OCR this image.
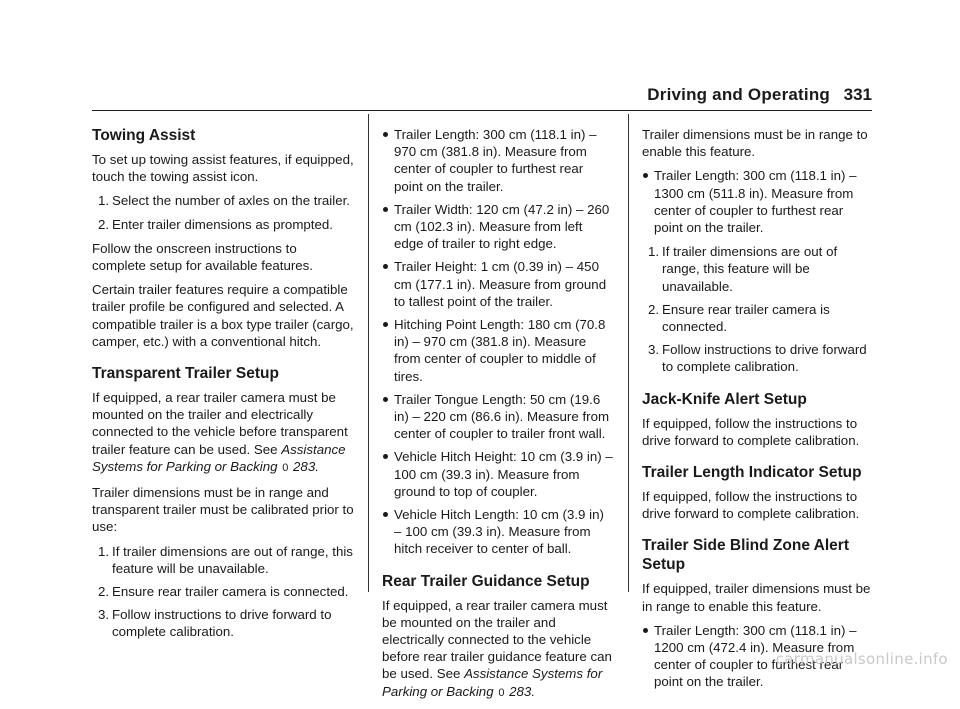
Driving and Operating 331
Towing Assist

To set up towing assist features, if equipped, touch the towing assist icon.

1. Select the number of axles on the trailer.
2. Enter trailer dimensions as prompted.

Follow the onscreen instructions to complete setup for available features.

Certain trailer features require a compatible trailer profile be configured and selected. A compatible trailer is a box type trailer (cargo, camper, etc.) with a conventional hitch.

Transparent Trailer Setup

If equipped, a rear trailer camera must be mounted on the trailer and electrically connected to the vehicle before transparent trailer feature can be used. See Assistance Systems for Parking or Backing 0 283.

Trailer dimensions must be in range and transparent trailer must be calibrated prior to use:

1. If trailer dimensions are out of range, this feature will be unavailable.
2. Ensure rear trailer camera is connected.
3. Follow instructions to drive forward to complete calibration.
Trailer Length: 300 cm (118.1 in) – 970 cm (381.8 in). Measure from center of coupler to furthest rear point on the trailer.
Trailer Width: 120 cm (47.2 in) – 260 cm (102.3 in). Measure from left edge of trailer to right edge.
Trailer Height: 1 cm (0.39 in) – 450 cm (177.1 in). Measure from ground to tallest point of the trailer.
Hitching Point Length: 180 cm (70.8 in) – 970 cm (381.8 in). Measure from center of coupler to middle of tires.
Trailer Tongue Length: 50 cm (19.6 in) – 220 cm (86.6 in). Measure from center of coupler to trailer front wall.
Vehicle Hitch Height: 10 cm (3.9 in) – 100 cm (39.3 in). Measure from ground to top of coupler.
Vehicle Hitch Length: 10 cm (3.9 in) – 100 cm (39.3 in). Measure from hitch receiver to center of ball.
Rear Trailer Guidance Setup

If equipped, a rear trailer camera must be mounted on the trailer and electrically connected to the vehicle before rear trailer guidance feature can be used. See Assistance Systems for Parking or Backing 0 283.

Trailer dimensions must be in range to enable this feature.

Trailer Length: 300 cm (118.1 in) – 1300 cm (511.8 in). Measure from center of coupler to furthest rear point on the trailer.
1. If trailer dimensions are out of range, this feature will be unavailable.
2. Ensure rear trailer camera is connected.
3. Follow instructions to drive forward to complete calibration.
Jack-Knife Alert Setup

If equipped, follow the instructions to drive forward to complete calibration.

Trailer Length Indicator Setup

If equipped, follow the instructions to drive forward to complete calibration.

Trailer Side Blind Zone Alert Setup

If equipped, trailer dimensions must be in range to enable this feature.

Trailer Length: 300 cm (118.1 in) – 1200 cm (472.4 in). Measure from center of coupler to furthest rear point on the trailer.
carmanualsonline.info
